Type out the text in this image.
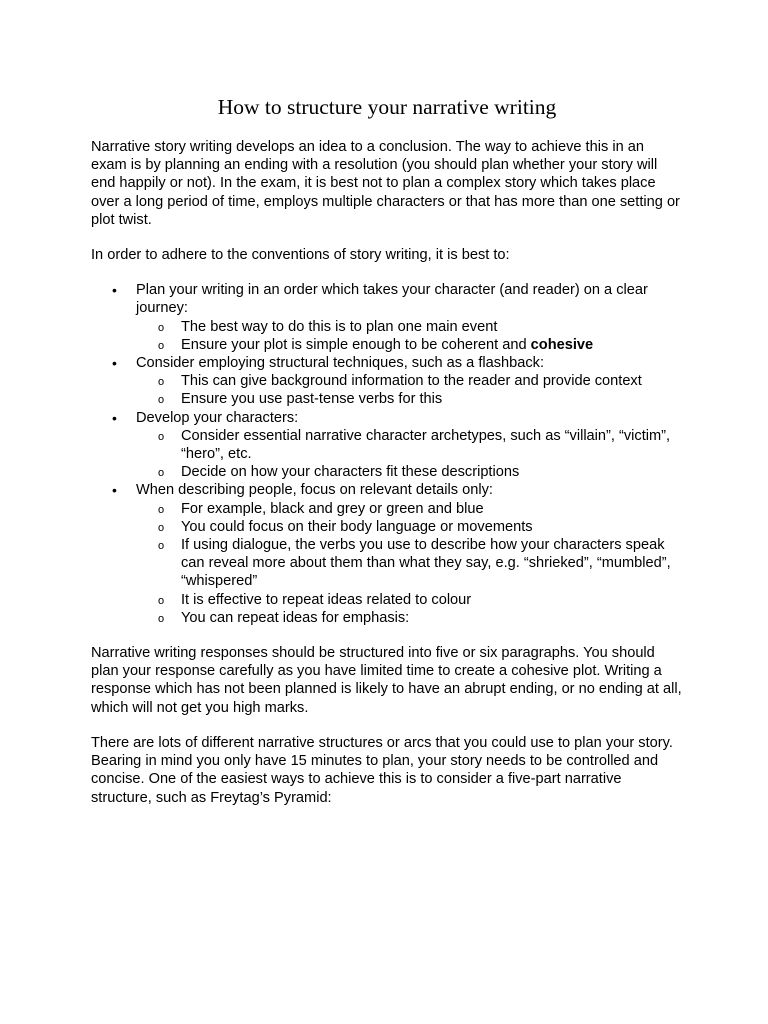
How to structure your narrative writing

Narrative story writing develops an idea to a conclusion. The way to achieve this in an exam is by planning an ending with a resolution (you should plan whether your story will end happily or not). In the exam, it is best not to plan a complex story which takes place over a long period of time, employs multiple characters or that has more than one setting or plot twist.

In order to adhere to the conventions of story writing, it is best to:

• Plan your writing in an order which takes your character (and reader) on a clear journey:
o The best way to do this is to plan one main event
o Ensure your plot is simple enough to be coherent and cohesive
• Consider employing structural techniques, such as a flashback:
o This can give background information to the reader and provide context
o Ensure you use past-tense verbs for this
• Develop your characters:
o Consider essential narrative character archetypes, such as “villain”, “victim”, “hero”, etc.
o Decide on how your characters fit these descriptions
• When describing people, focus on relevant details only:
o For example, black and grey or green and blue
o You could focus on their body language or movements
o If using dialogue, the verbs you use to describe how your characters speak can reveal more about them than what they say, e.g. “shrieked”, “mumbled”, “whispered”
o It is effective to repeat ideas related to colour
o You can repeat ideas for emphasis:

Narrative writing responses should be structured into five or six paragraphs. You should plan your response carefully as you have limited time to create a cohesive plot. Writing a response which has not been planned is likely to have an abrupt ending, or no ending at all, which will not get you high marks.

There are lots of different narrative structures or arcs that you could use to plan your story. Bearing in mind you only have 15 minutes to plan, your story needs to be controlled and concise. One of the easiest ways to achieve this is to consider a five-part narrative structure, such as Freytag’s Pyramid:
